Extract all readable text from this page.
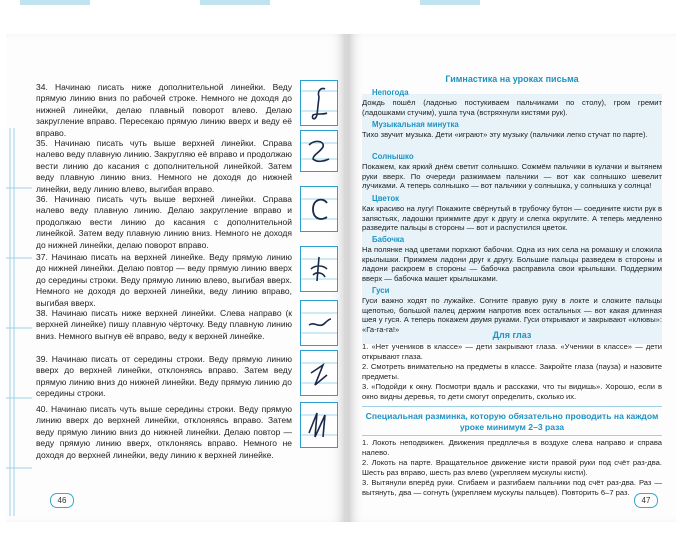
34. Начинаю писать ниже дополнительной линейки. Веду прямую линию вниз по рабочей строке. Немного не доходя до нижней линейки, делаю плавный поворот влево. Делаю закругление вправо. Пересекаю прямую линию вверх и веду её вправо.
35. Начинаю писать чуть выше верхней линейки. Справа налево веду плавную линию. Закругляю её вправо и продолжаю вести линию до касания с дополнительной линейкой. Затем веду плавную линию вниз. Немного не доходя до нижней линейки, веду линию влево, выгибая вправо.
36. Начинаю писать чуть выше верхней линейки. Справа налево веду плавную линию. Делаю закругление вправо и продолжаю вести линию до касания с дополнительной линейкой. Затем веду плавную линию вниз. Немного не доходя до нижней линейки, делаю поворот вправо.
37. Начинаю писать на верхней линейке. Веду прямую линию до нижней линейки. Делаю повтор — веду прямую линию вверх до середины строки. Веду прямую линию влево, выгибая вверх. Немного не доходя до верхней линейки, веду линию вправо, выгибая вверх.
38. Начинаю писать ниже верхней линейки. Слева направо (к верхней линейке) пишу плавную чёрточку. Веду плавную линию вниз. Немного выгнув её вправо, веду к верхней линейке.
39. Начинаю писать от середины строки. Веду прямую линию вверх до верхней линейки, отклоняясь вправо. Затем веду прямую линию вниз до нижней линейки. Веду прямую линию до середины строки.
40. Начинаю писать чуть выше середины строки. Веду прямую линию вверх до верхней линейки, отклоняясь вправо. Затем веду прямую линию вниз до нижней линейки. Делаю повтор — веду прямую линию вверх, отклоняясь вправо. Немного не доходя до верхней линейки, веду линию к верхней линейке.
46
Гимнастика на уроках письма
Непогода
Дождь пошёл (ладонью постукиваем пальчиками по столу), гром гремит (ладошками стучим), ушла туча (встряхнули кистями рук).
Музыкальная минутка
Тихо звучит музыка. Дети «играют» эту музыку (пальчики легко стучат по парте).
Солнышко
Покажем, как яркий днём светит солнышко. Сожмём пальчики в кулачки и вытянем руки вверх. По очереди разжимаем пальчики — вот как солнышко шевелит лучиками. А теперь солнышко — вот пальчики у солнышка, у солнышка у солнца!
Цветок
Как красиво на лугу! Покажите свёрнутый в трубочку бутон — соедините кисти рук в запястьях, ладошки прижмите друг к другу и слегка округлите. А теперь медленно разведите пальцы в стороны — вот и распустился цветок.
Бабочка
На полянке над цветами порхают бабочки. Одна из них села на ромашку и сложила крылышки. Прижмем ладони друг к другу. Большие пальцы разведем в стороны и ладони раскроем в стороны — бабочка расправила свои крылышки. Поддержим вверх — бабочка машет крылышками.
Гуси
Гуси важно ходят по лужайке. Согните правую руку в локте и сложите пальцы щепотью, большой палец держим напротив всех остальных — вот какая длинная шея у гуся. А теперь покажем двумя руками. Гуси открывают и закрывают «клювы»: «Га-га-га!»
Для глаз
1. «Нет учеников в классе» — дети закрывают глаза. «Ученики в классе» — дети открывают глаза.
2. Смотреть внимательно на предметы в классе. Закройте глаза (пауза) и назовите предметы.
3. «Подойди к окну. Посмотри вдаль и расскажи, что ты видишь». Хорошо, если в окно видны деревья, то дети смогут определить, сколько их.
Специальная разминка, которую обязательно проводить на каждом уроке минимум 2–3 раза
1. Локоть неподвижен. Движения предплечья в воздухе слева направо и справа налево.
2. Локоть на парте. Вращательное движение кисти правой руки под счёт раз-два. Шесть раз вправо, шесть раз влево (укрепляем мускулы кисти).
3. Вытянули вперёд руки. Сгибаем и разгибаем пальчики под счёт раз-два. Раз — вытянуть, два — согнуть (укрепляем мускулы пальцев). Повторить 6–7 раз.
47
